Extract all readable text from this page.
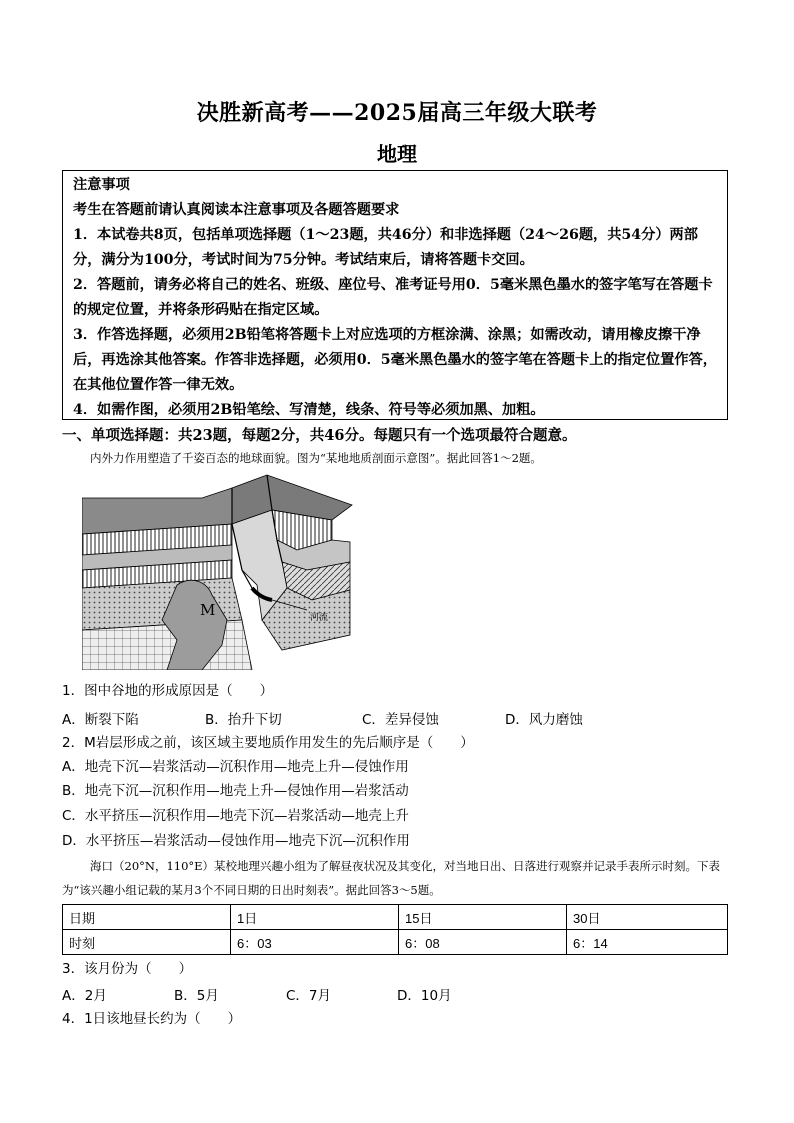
决胜新高考——2025届高三年级大联考
地理

注意事项

考生在答题前请认真阅读本注意事项及各题答题要求

1．本试卷共8页，包括单项选择题（1～23题，共46分）和非选择题（24～26题，共54分）两部分，满分为100分，考试时间为75分钟。考试结束后，请将答题卡交回。

2．答题前，请务必将自己的姓名、班级、座位号、准考证号用0．5毫米黑色墨水的签字笔写在答题卡的规定位置，并将条形码贴在指定区域。

3．作答选择题，必须用2B铅笔将答题卡上对应选项的方框涂满、涂黑；如需改动，请用橡皮擦干净后，再选涂其他答案。作答非选择题，必须用0．5毫米黑色墨水的签字笔在答题卡上的指定位置作答，在其他位置作答一律无效。

4．如需作图，必须用2B铅笔绘、写清楚，线条、符号等必须加黑、加粗。

一、单项选择题：共23题，每题2分，共46分。每题只有一个选项最符合题意。
内外力作用塑造了千姿百态的地球面貌。图为“某地地质剖面示意图”。据此回答1～2题。
M	河流
1．图中谷地的形成原因是（　　）
A．断裂下陷	B．抬升下切	C．差异侵蚀	D．风力磨蚀
2．M岩层形成之前，该区域主要地质作用发生的先后顺序是（　　）
A．地壳下沉—岩浆活动—沉积作用—地壳上升—侵蚀作用
B．地壳下沉—沉积作用—地壳上升—侵蚀作用—岩浆活动
C．水平挤压—沉积作用—地壳下沉—岩浆活动—地壳上升
D．水平挤压—岩浆活动—侵蚀作用—地壳下沉—沉积作用
海口（20°N，110°E）某校地理兴趣小组为了解昼夜状况及其变化，对当地日出、日落进行观察并记录手表所示时刻。下表为“该兴趣小组记载的某月3个不同日期的日出时刻表”。据此回答3～5题。
日期	1日	15日	30日
时刻	6：03	6：08	6：14
3．该月份为（　　）
A．2月	B．5月	C．7月	D．10月
4．1日该地昼长约为（　　）
